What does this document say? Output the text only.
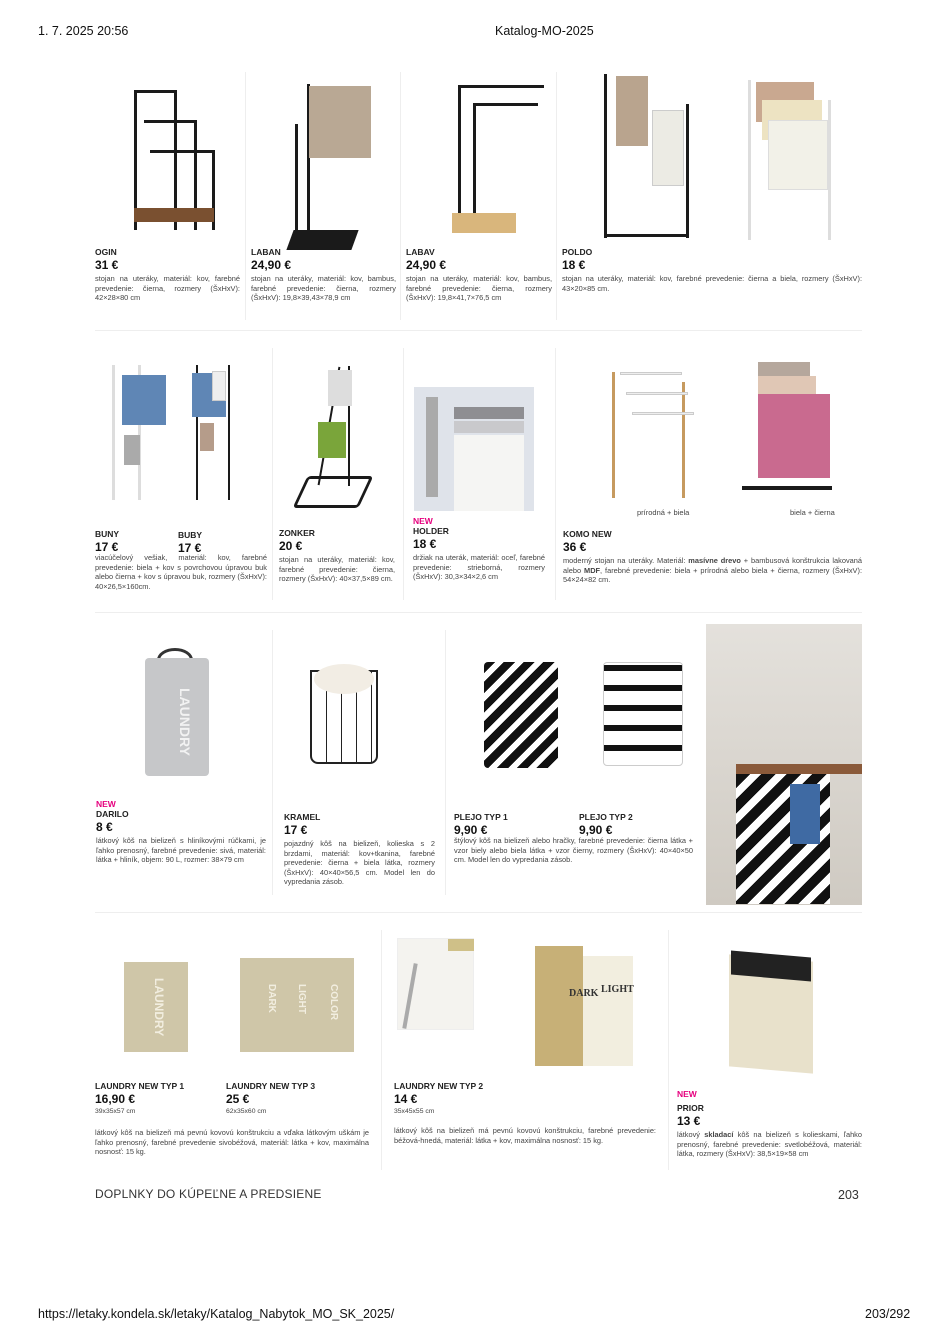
1. 7. 2025 20:56	Katalog-MO-2025
OGIN
31 €
stojan na uteráky, materiál: kov, farebné prevedenie: čierna, rozmery (ŠxHxV): 42×28×80 cm
LABAN
24,90 €
stojan na uteráky, materiál: kov, bambus, farebné prevedenie: čierna, rozmery (ŠxHxV): 19,8×39,43×78,9 cm
LABAV
24,90 €
stojan na uteráky, materiál: kov, bambus, farebné prevedenie: čierna, rozmery (ŠxHxV): 19,8×41,7×76,5 cm
POLDO
18 €
stojan na uteráky, materiál: kov, farebné prevedenie: čierna a biela, rozmery (ŠxHxV): 43×20×85 cm.
prírodná + biela	biela + čierna
BUNY
17 €
BUBY
17 €
viacúčelový vešiak, materiál: kov, farebné prevedenie: biela + kov s povrchovou úpravou buk alebo čierna + kov s úpravou buk, rozmery (ŠxHxV): 40×26,5×160cm.
ZONKER
20 €
stojan na uteráky, materiál: kov, farebné prevedenie: čierna, rozmery (ŠxHxV): 40×37,5×89 cm.
NEW
HOLDER
18 €
držiak na uterák, materiál: oceľ, farebné prevedenie: strieborná, rozmery (ŠxHxV): 30,3×34×2,6 cm
KOMO NEW
36 €
moderný stojan na uteráky. Materiál: masívne drevo + bambusová konštrukcia lakovaná alebo MDF, farebné prevedenie: biela + prírodná alebo biela + čierna, rozmery (ŠxHxV): 54×24×82 cm.
LAUNDRY
NEW
DARILO
8 €
látkový kôš na bielizeň s hliníkovými rúčkami, je ľahko prenosný, farebné prevedenie: sivá, materiál: látka + hliník, objem: 90 L, rozmer: 38×79 cm
KRAMEL
17 €
pojazdný kôš na bielizeň, kolieska s 2 brzdami, materiál: kov+tkanina, farebné prevedenie: čierna + biela látka, rozmery (ŠxHxV): 40×40×56,5 cm. Model len do vypredania zásob.
PLEJO TYP 1
9,90 €
PLEJO TYP 2
9,90 €
štýlový kôš na bielizeň alebo hračky, farebné prevedenie: čierna látka + vzor biely alebo biela látka + vzor čierny, rozmery (ŠxHxV): 40×40×50 cm. Model len do vypredania zásob.
LAUNDRY	DARK LIGHT COLOR	DARK LIGHT
LAUNDRY NEW TYP 1
16,90 €
39x35x57 cm
LAUNDRY NEW TYP 3
25 €
62x35x60 cm
látkový kôš na bielizeň má pevnú kovovú konštrukciu a vďaka látkovým uškám je ľahko prenosný, farebné prevedenie sivobéžová, materiál: látka + kov, maximálna nosnosť: 15 kg.
LAUNDRY NEW TYP 2
14 €
35x45x55 cm
látkový kôš na bielizeň má pevnú kovovú konštrukciu, farebné prevedenie: béžová-hnedá, materiál: látka + kov, maximálna nosnosť: 15 kg.
NEW
PRIOR
13 €
látkový skladací kôš na bielizeň s kolieskami, ľahko prenosný, farebné prevedenie: svetlobéžová, materiál: látka, rozmery (ŠxHxV): 38,5×19×58 cm
DOPLNKY DO KÚPEĽNE A PREDSIENE	203
https://letaky.kondela.sk/letaky/Katalog_Nabytok_MO_SK_2025/	203/292
